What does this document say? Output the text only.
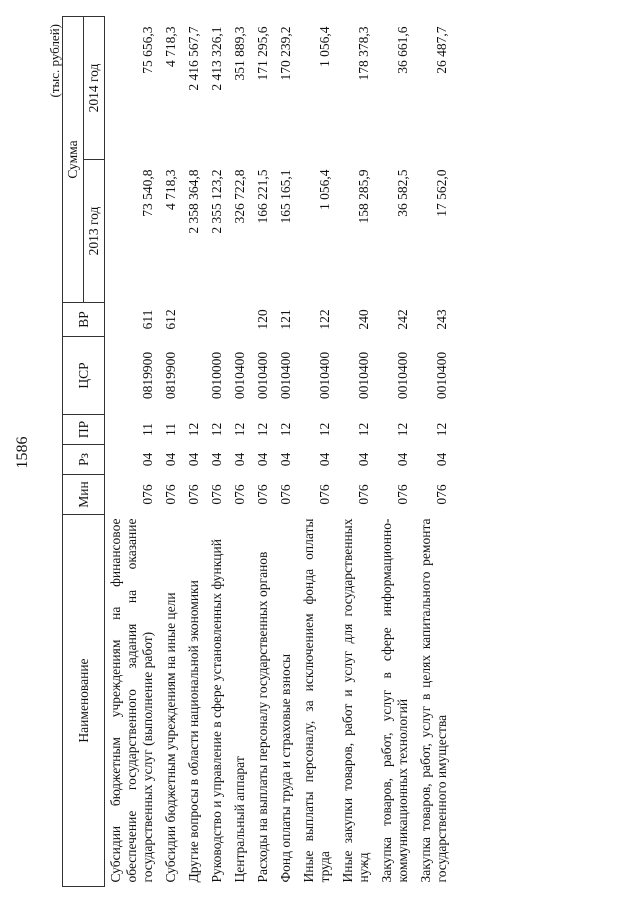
1586
(тыс. рублей)
Наименование	Мин	Рз	ПР	ЦСР	ВР	Сумма	
						2013 год	2014 год
Субсидии бюджетным учреждениям на финансовое обеспечение государственного задания на оказание государственных услуг (выполнение работ)	076	04	11	0819900	611	73 540,8	75 656,3
Субсидии бюджетным учреждениям на иные цели	076	04	11	0819900	612	4 718,3	4 718,3
Другие вопросы в области национальной экономики	076	04	12			2 358 364,8	2 416 567,7
Руководство и управление в сфере установленных функций	076	04	12	0010000		2 355 123,2	2 413 326,1
Центральный аппарат	076	04	12	0010400		326 722,8	351 889,3
Расходы на выплаты персоналу государственных органов	076	04	12	0010400	120	166 221,5	171 295,6
Фонд оплаты труда и страховые взносы	076	04	12	0010400	121	165 165,1	170 239,2
Иные выплаты персоналу, за исключением фонда оплаты труда	076	04	12	0010400	122	1 056,4	1 056,4
Иные закупки товаров, работ и услуг для государственных нужд	076	04	12	0010400	240	158 285,9	178 378,3
Закупка товаров, работ, услуг в сфере информационно-коммуникационных технологий	076	04	12	0010400	242	36 582,5	36 661,6
Закупка товаров, работ, услуг в целях капитального ремонта государственного имущества	076	04	12	0010400	243	17 562,0	26 487,7
